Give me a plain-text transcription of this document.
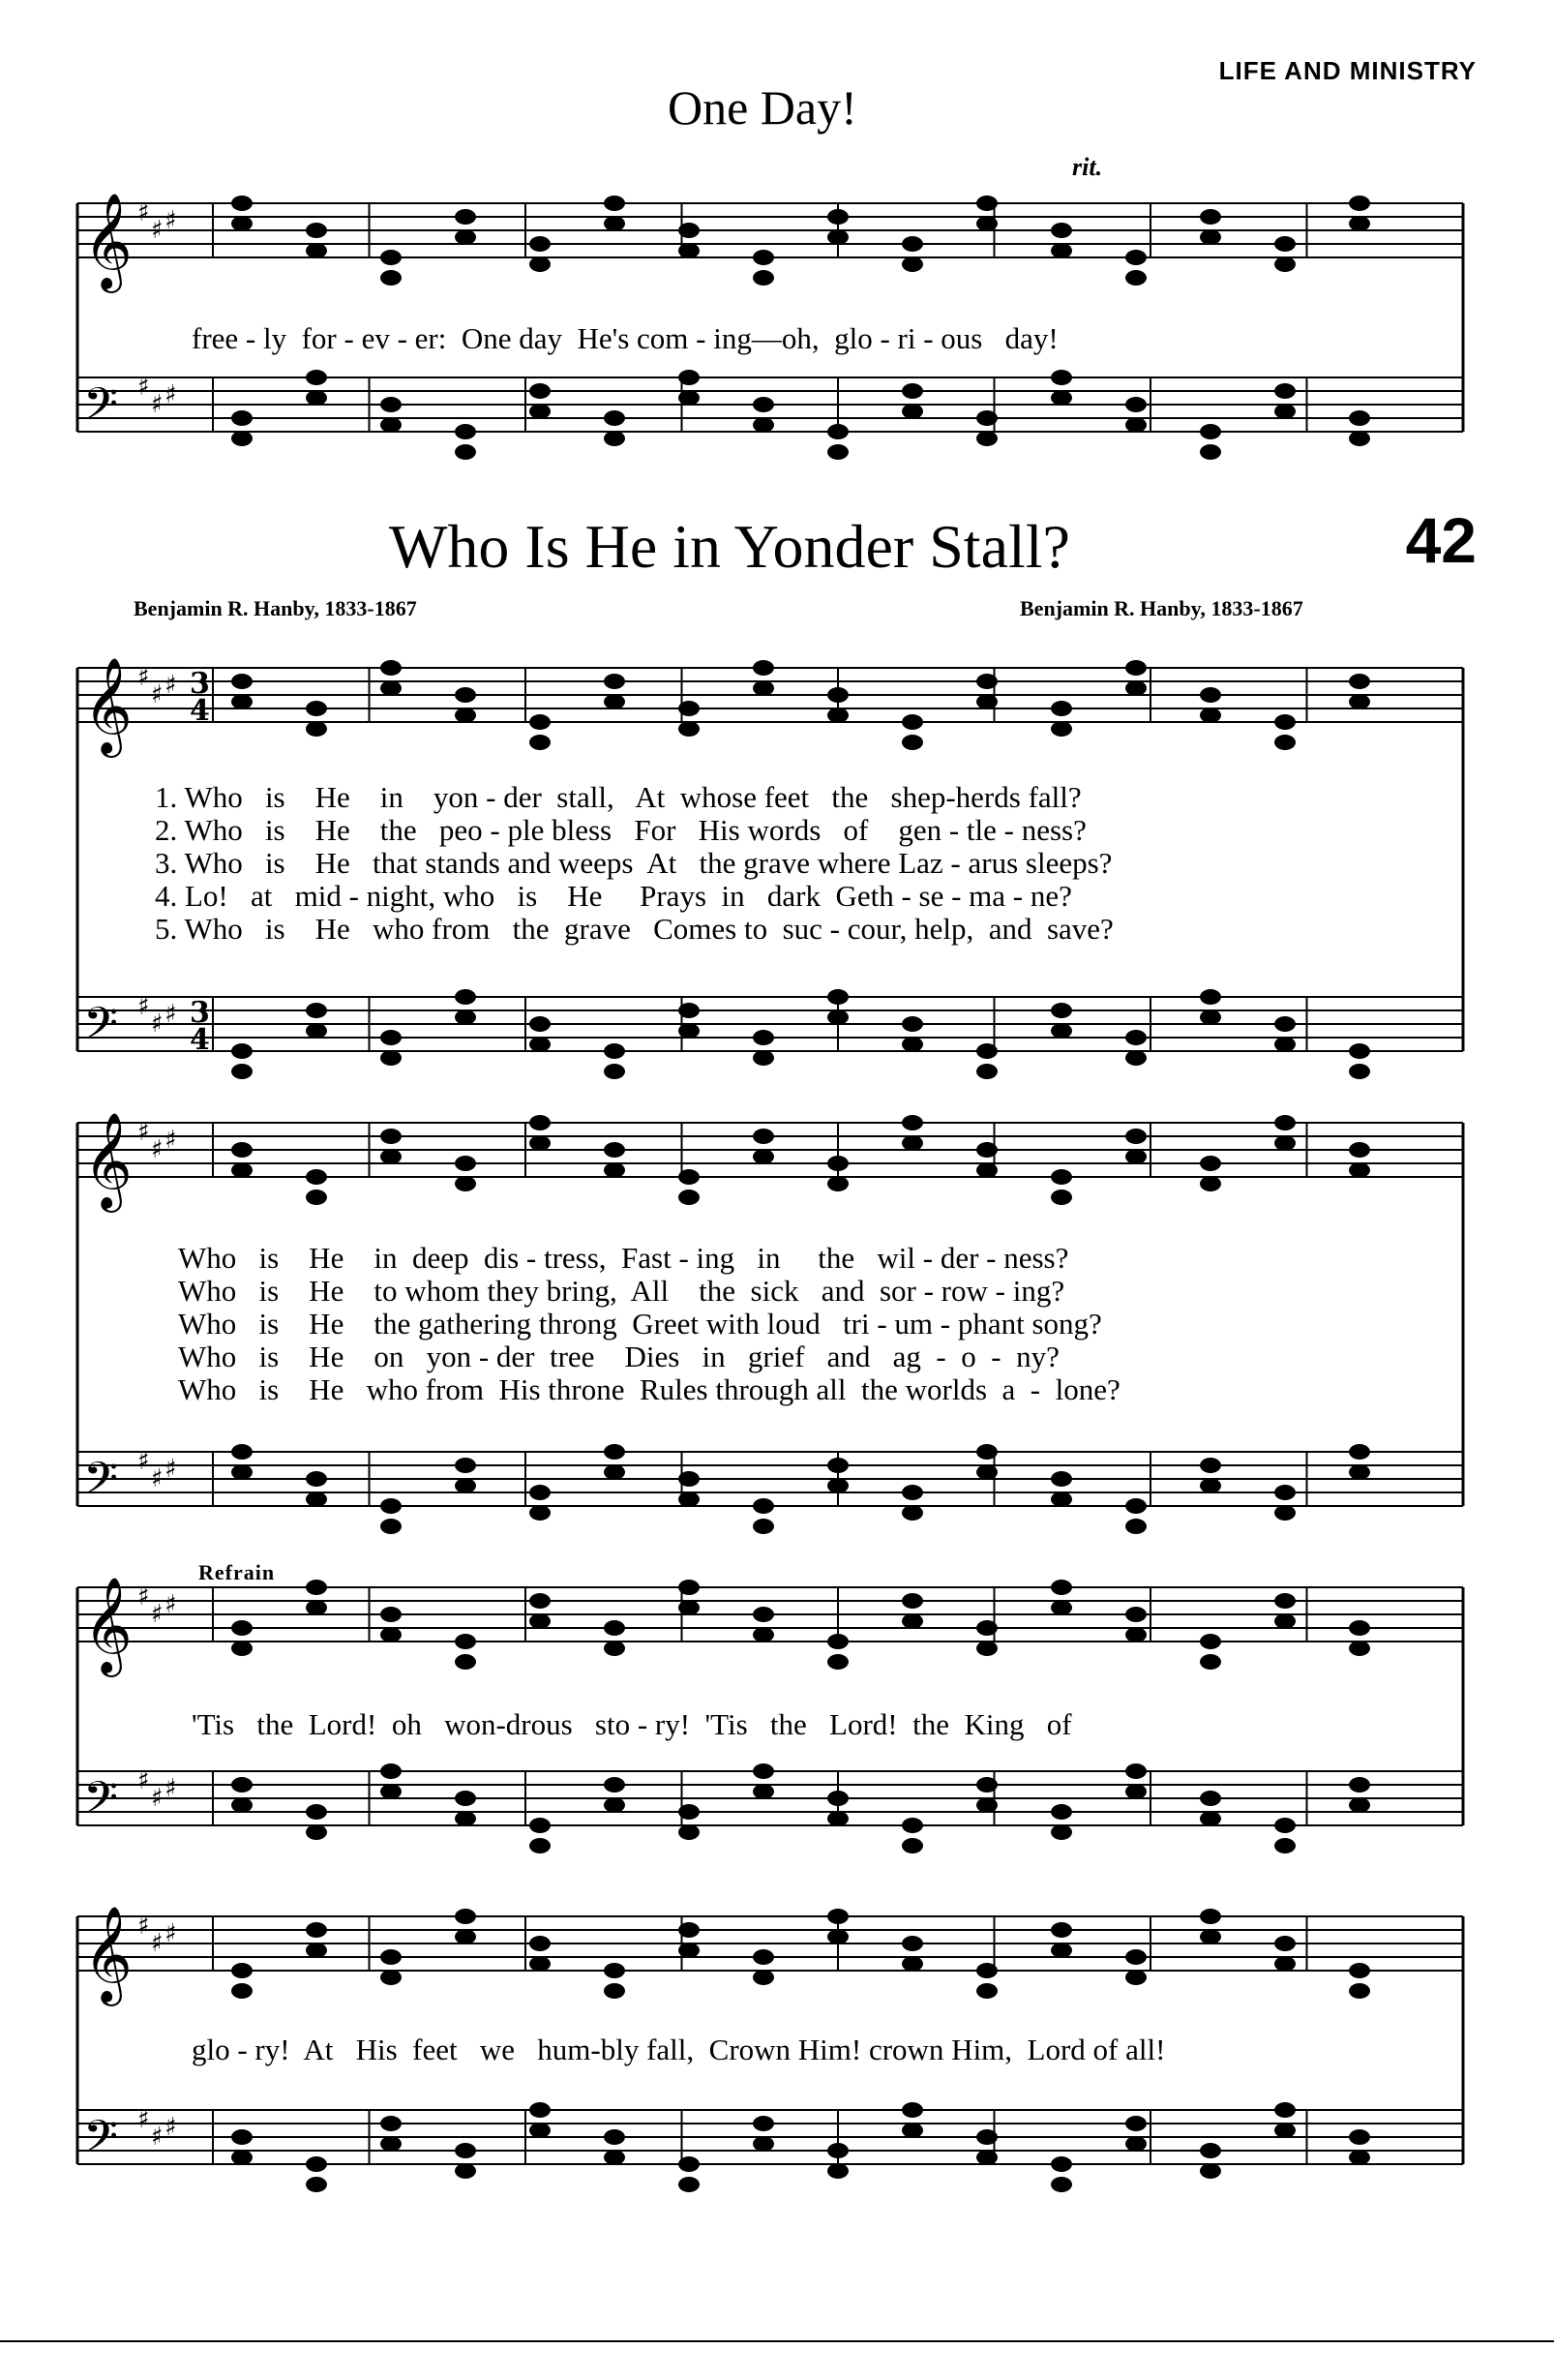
LIFE AND MINISTRY
One Day!
rit.
𝄞 ♯
♯ ♯
𝄢 ♯
♯ ♯
𝄞 ♯
♯ ♯
𝄢 ♯
♯ ♯
𝄞 ♯
♯ ♯
𝄢 ♯
♯ ♯
𝄞 ♯
♯ ♯
𝄢 ♯
♯ ♯
𝄞 ♯
♯ ♯
𝄢 ♯
♯ ♯
3
4
3
4
free - ly  for - ev - er:  One day  He's com - ing—oh,  glo - ri - ous   day!
Who Is He in Yonder Stall?	42
Benjamin R. Hanby, 1833-1867	Benjamin R. Hanby, 1833-1867
1. Who   is    He    in    yon - der  stall,   At  whose feet   the   shep-herds fall?
2. Who   is    He    the   peo - ple bless   For   His words   of    gen - tle - ness?
3. Who   is    He   that stands and weeps  At   the grave where Laz - arus sleeps?
4. Lo!   at   mid - night, who   is    He     Prays  in   dark  Geth - se - ma - ne?
5. Who   is    He   who from   the  grave   Comes to  suc - cour, help,  and  save?
Who   is    He    in  deep  dis - tress,  Fast - ing   in     the   wil - der - ness?
Who   is    He    to whom they bring,  All    the  sick   and  sor - row - ing?
Who   is    He    the gathering throng  Greet with loud   tri - um - phant song?
Who   is    He    on   yon - der  tree    Dies   in   grief   and   ag  -  o  -  ny?
Who   is    He   who from  His throne  Rules through all  the worlds  a  -  lone?
Refrain
'Tis   the  Lord!  oh   won-drous   sto - ry!  'Tis   the   Lord!  the  King   of
glo - ry!  At   His  feet   we   hum-bly fall,  Crown Him! crown Him,  Lord of all!
